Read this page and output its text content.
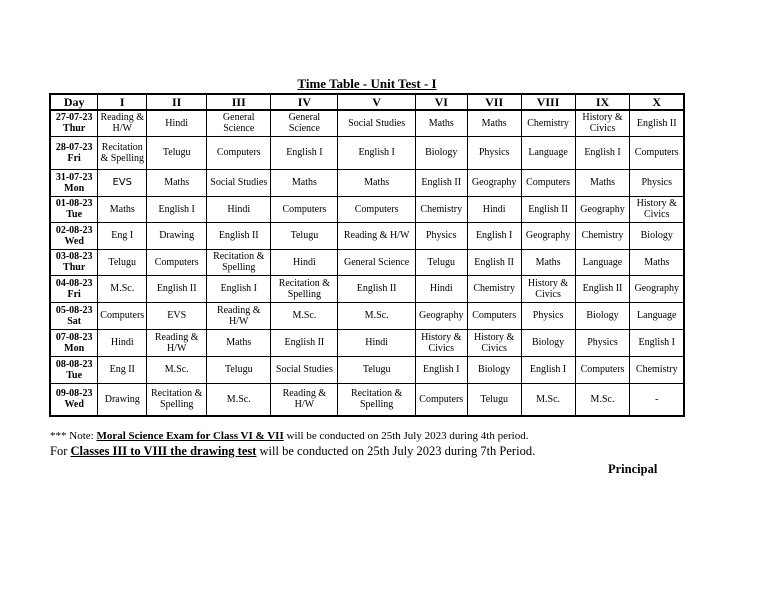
Time Table - Unit Test - I
Day	I	II	III	IV	V	VI	VII	VIII	IX	X

27-07-23
Thur	Reading & H/W	Hindi	General Science	General Science	Social Studies	Maths	Maths	Chemistry	History & Civics	English II

28-07-23
Fri	Recitation & Spelling	Telugu	Computers	English I	English I	Biology	Physics	Language	English I	Computers

31-07-23
Mon	EVS	Maths	Social Studies	Maths	Maths	English II	Geography	Computers	Maths	Physics

01-08-23
Tue	Maths	English I	Hindi	Computers	Computers	Chemistry	Hindi	English II	Geography	History & Civics

02-08-23
Wed	Eng I	Drawing	English II	Telugu	Reading & H/W	Physics	English I	Geography	Chemistry	Biology

03-08-23
Thur	Telugu	Computers	Recitation & Spelling	Hindi	General Science	Telugu	English II	Maths	Language	Maths

04-08-23
Fri	M.Sc.	English II	English I	Recitation & Spelling	English II	Hindi	Chemistry	History & Civics	English II	Geography

05-08-23
Sat	Computers	EVS	Reading & H/W	M.Sc.	M.Sc.	Geography	Computers	Physics	Biology	Language

07-08-23
Mon	Hindi	Reading & H/W	Maths	English II	Hindi	History & Civics	History & Civics	Biology	Physics	English I

08-08-23
Tue	Eng II	M.Sc.	Telugu	Social Studies	Telugu	English I	Biology	English I	Computers	Chemistry

09-08-23
Wed	Drawing	Recitation & Spelling	M.Sc.	Reading & H/W	Recitation & Spelling	Computers	Telugu	M.Sc.	M.Sc.	-
*** Note: Moral Science Exam for Class VI & VII will be conducted on 25th July 2023 during 4th period.
For Classes III to VIII the drawing test will be conducted on 25th July 2023 during 7th Period.
Principal
